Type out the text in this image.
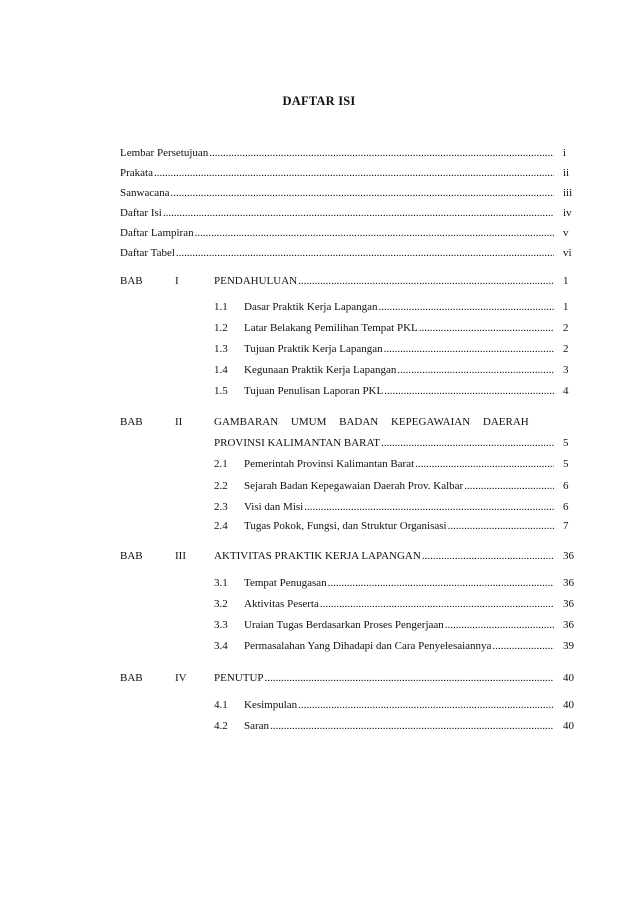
DAFTAR ISI
Lembar Persetujuan .....	i
Prakata .....	ii
Sanwacana .....	iii
Daftar Isi .....	iv
Daftar Lampiran .....	v
Daftar Tabel .....	vi
BAB	I	PENDAHULUAN .....	1
1.1 Dasar Praktik Kerja Lapangan .....	1
1.2 Latar Belakang Pemilihan Tempat PKL .....	2
1.3 Tujuan Praktik Kerja Lapangan .....	2
1.4 Kegunaan Praktik Kerja Lapangan .....	3
1.5 Tujuan Penulisan Laporan PKL .....	4
BAB	II	GAMBARAN UMUM BADAN KEPEGAWAIAN DAERAH
PROVINSI KALIMANTAN BARAT .....	5
2.1 Pemerintah Provinsi Kalimantan Barat .....	5
2.2 Sejarah Badan Kepegawaian Daerah Prov. Kalbar .....	6
2.3 Visi dan Misi .....	6
2.4 Tugas Pokok, Fungsi, dan Struktur Organisasi .....	7
BAB	III	AKTIVITAS PRAKTIK KERJA LAPANGAN .....	36
3.1 Tempat Penugasan .....	36
3.2 Aktivitas Peserta .....	36
3.3 Uraian Tugas Berdasarkan Proses Pengerjaan .....	36
3.4 Permasalahan Yang Dihadapi dan Cara Penyelesaiannya .....	39
BAB	IV PENUTUP .....	40
4.1 Kesimpulan .....	40
4.2 Saran .....	40
